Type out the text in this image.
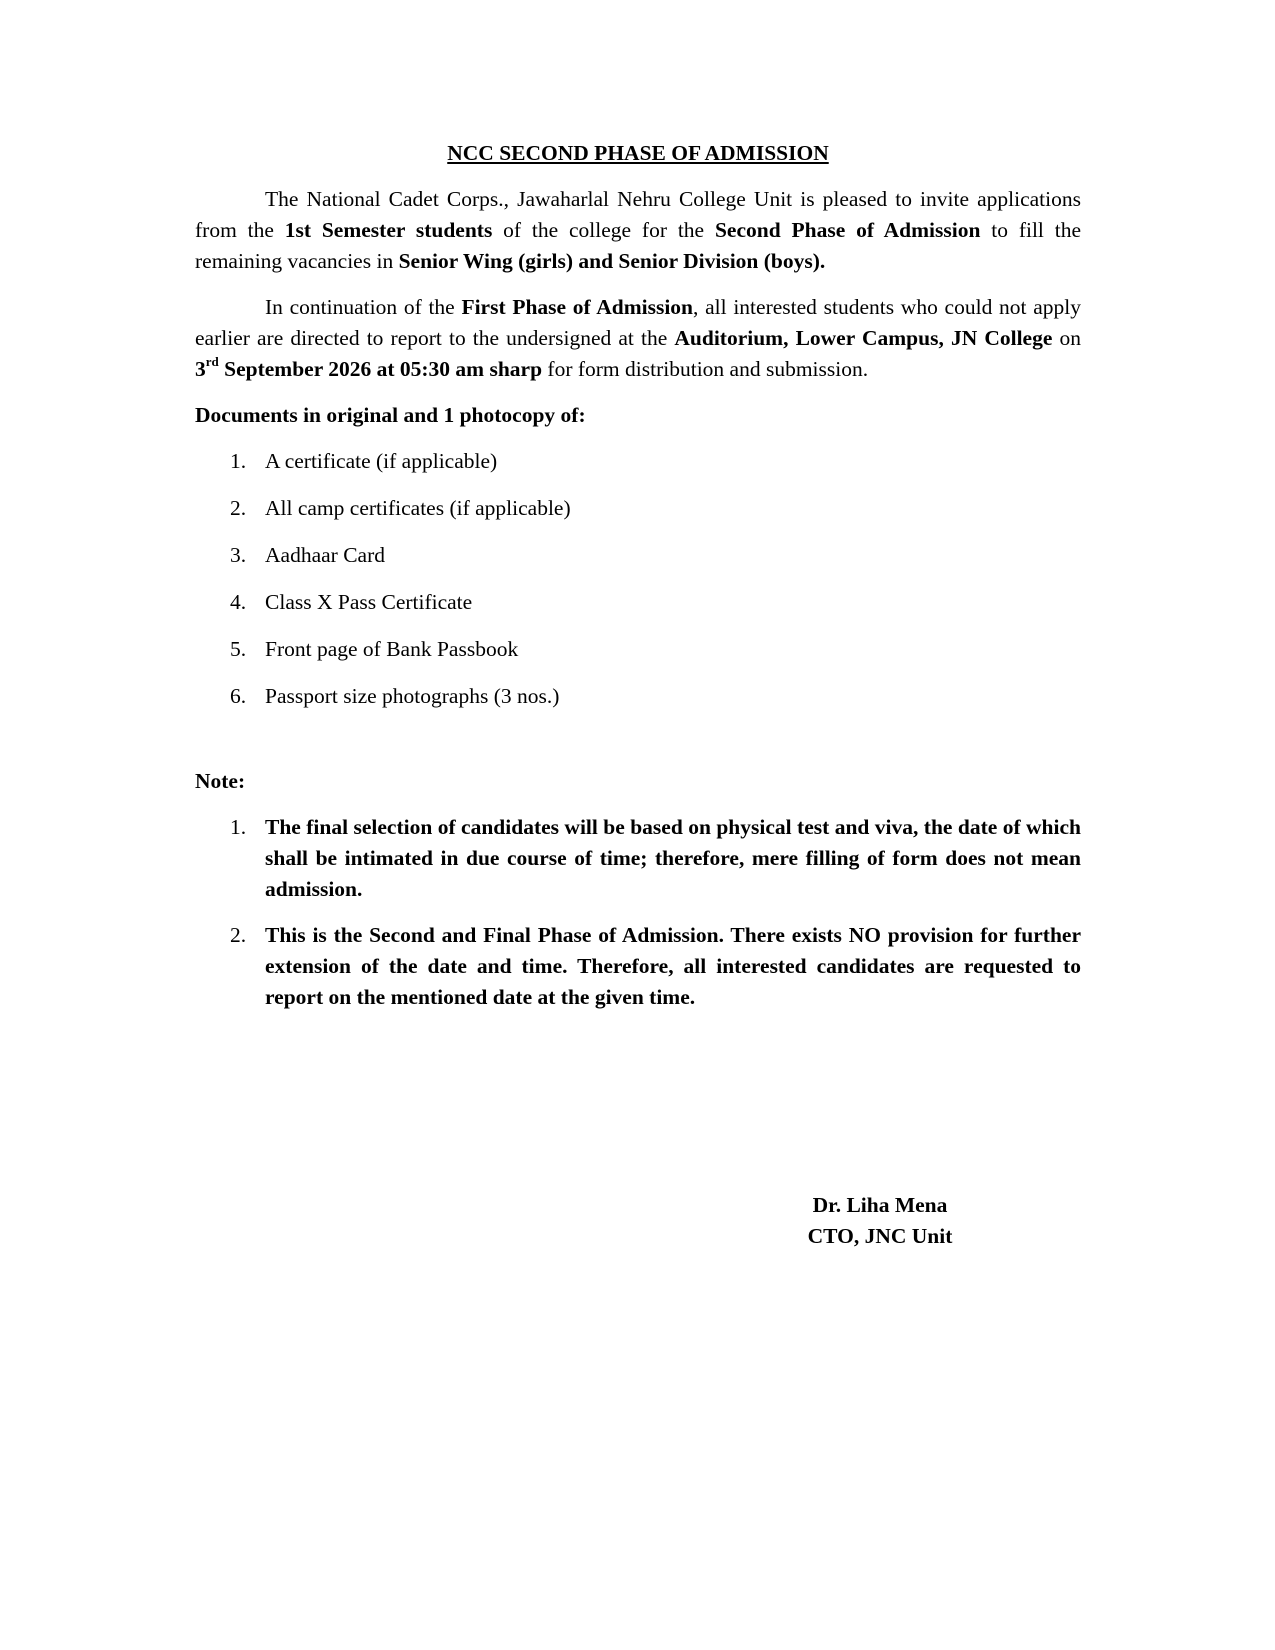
NCC SECOND PHASE OF ADMISSION

The National Cadet Corps., Jawaharlal Nehru College Unit is pleased to invite applications from the 1st Semester students of the college for the Second Phase of Admission to fill the remaining vacancies in Senior Wing (girls) and Senior Division (boys).

In continuation of the First Phase of Admission, all interested students who could not apply earlier are directed to report to the undersigned at the Auditorium, Lower Campus, JN College on 3rd September 2026 at 05:30 am sharp for form distribution and submission.

Documents in original and 1 photocopy of:
1. A certificate (if applicable)
2. All camp certificates (if applicable)
3. Aadhaar Card
4. Class X Pass Certificate
5. Front page of Bank Passbook
6. Passport size photographs (3 nos.)
Note:
1. The final selection of candidates will be based on physical test and viva, the date of which shall be intimated in due course of time; therefore, mere filling of form does not mean admission.
2. This is the Second and Final Phase of Admission. There exists NO provision for further extension of the date and time. Therefore, all interested candidates are requested to report on the mentioned date at the given time.
Dr. Liha Mena
CTO, JNC Unit
